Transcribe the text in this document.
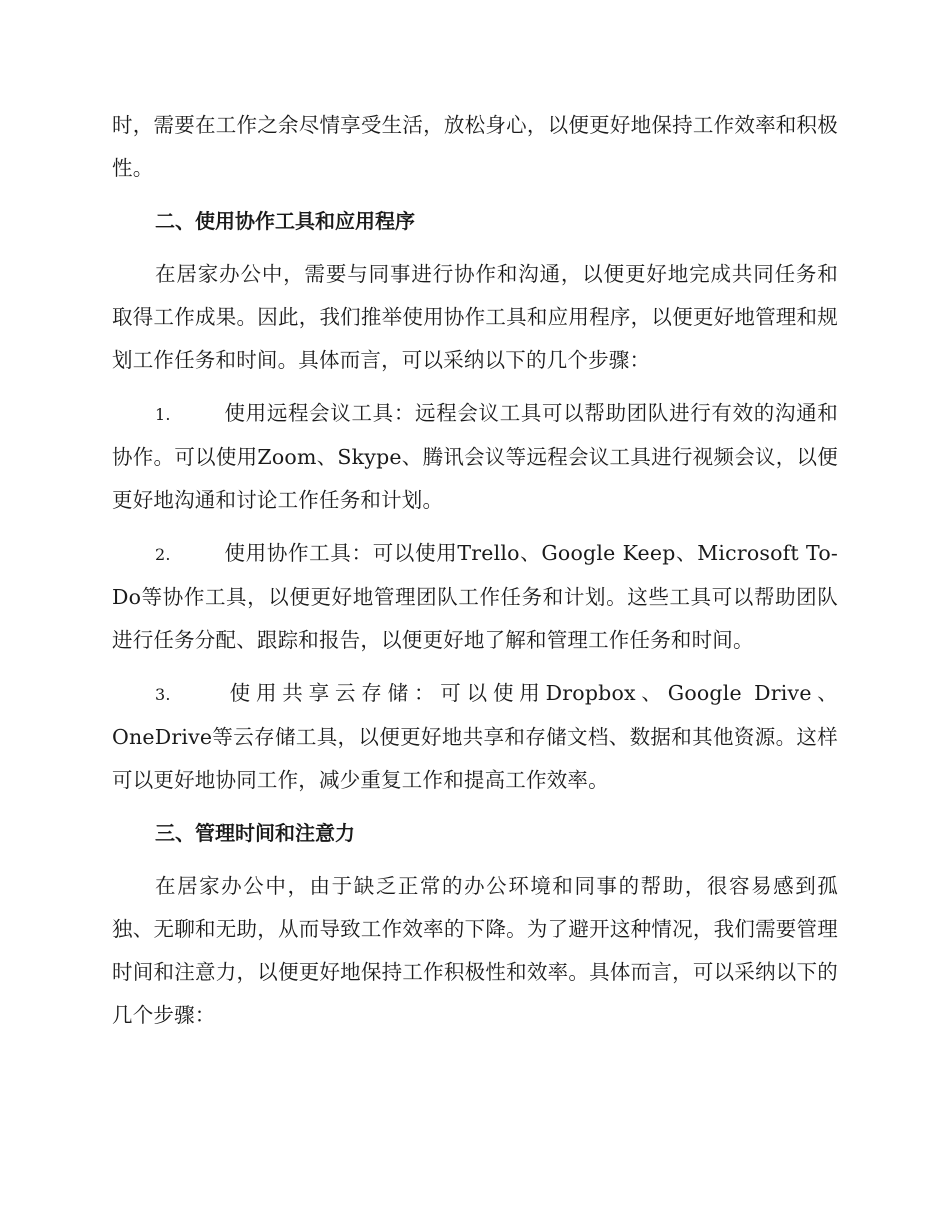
时，需要在工作之余尽情享受生活，放松身心，以便更好地保持工作效率和积极性。

二、使用协作工具和应用程序

在居家办公中，需要与同事进行协作和沟通，以便更好地完成共同任务和取得工作成果。因此，我们推举使用协作工具和应用程序，以便更好地管理和规划工作任务和时间。具体而言，可以采纳以下的几个步骤：

1.	使用远程会议工具：远程会议工具可以帮助团队进行有效的沟通和协作。可以使用Zoom、Skype、腾讯会议等远程会议工具进行视频会议，以便更好地沟通和讨论工作任务和计划。
2.	使用协作工具：可以使用Trello、Google Keep、Microsoft To-Do等协作工具，以便更好地管理团队工作任务和计划。这些工具可以帮助团队进行任务分配、跟踪和报告，以便更好地了解和管理工作任务和时间。
3.	使用共享云存储：可以使用Dropbox、Google Drive、OneDrive等云存储工具，以便更好地共享和存储文档、数据和其他资源。这样可以更好地协同工作，减少重复工作和提高工作效率。
三、管理时间和注意力

在居家办公中，由于缺乏正常的办公环境和同事的帮助，很容易感到孤独、无聊和无助，从而导致工作效率的下降。为了避开这种情况，我们需要管理时间和注意力，以便更好地保持工作积极性和效率。具体而言，可以采纳以下的几个步骤：
